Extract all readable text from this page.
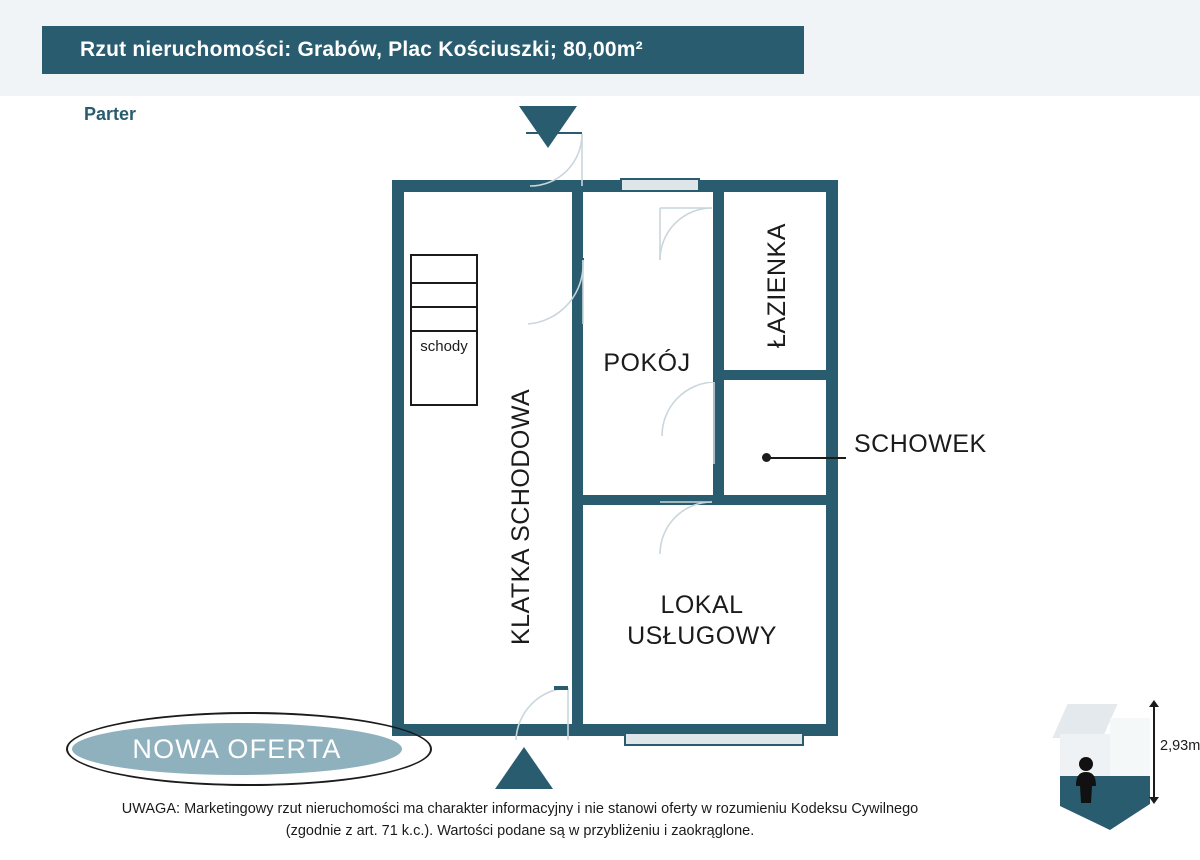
Rzut nieruchomości: Grabów, Plac Kościuszki; 80,00m²
Parter
schody
KLATKA SCHODOWA
POKÓJ
ŁAZIENKA
LOKAL
USŁUGOWY
SCHOWEK
NOWA OFERTA
UWAGA: Marketingowy rzut nieruchomości ma charakter informacyjny i nie stanowi oferty w rozumieniu Kodeksu Cywilnego
(zgodnie z art. 71 k.c.). Wartości podane są w przybliżeniu i zaokrąglone.
2,93m
